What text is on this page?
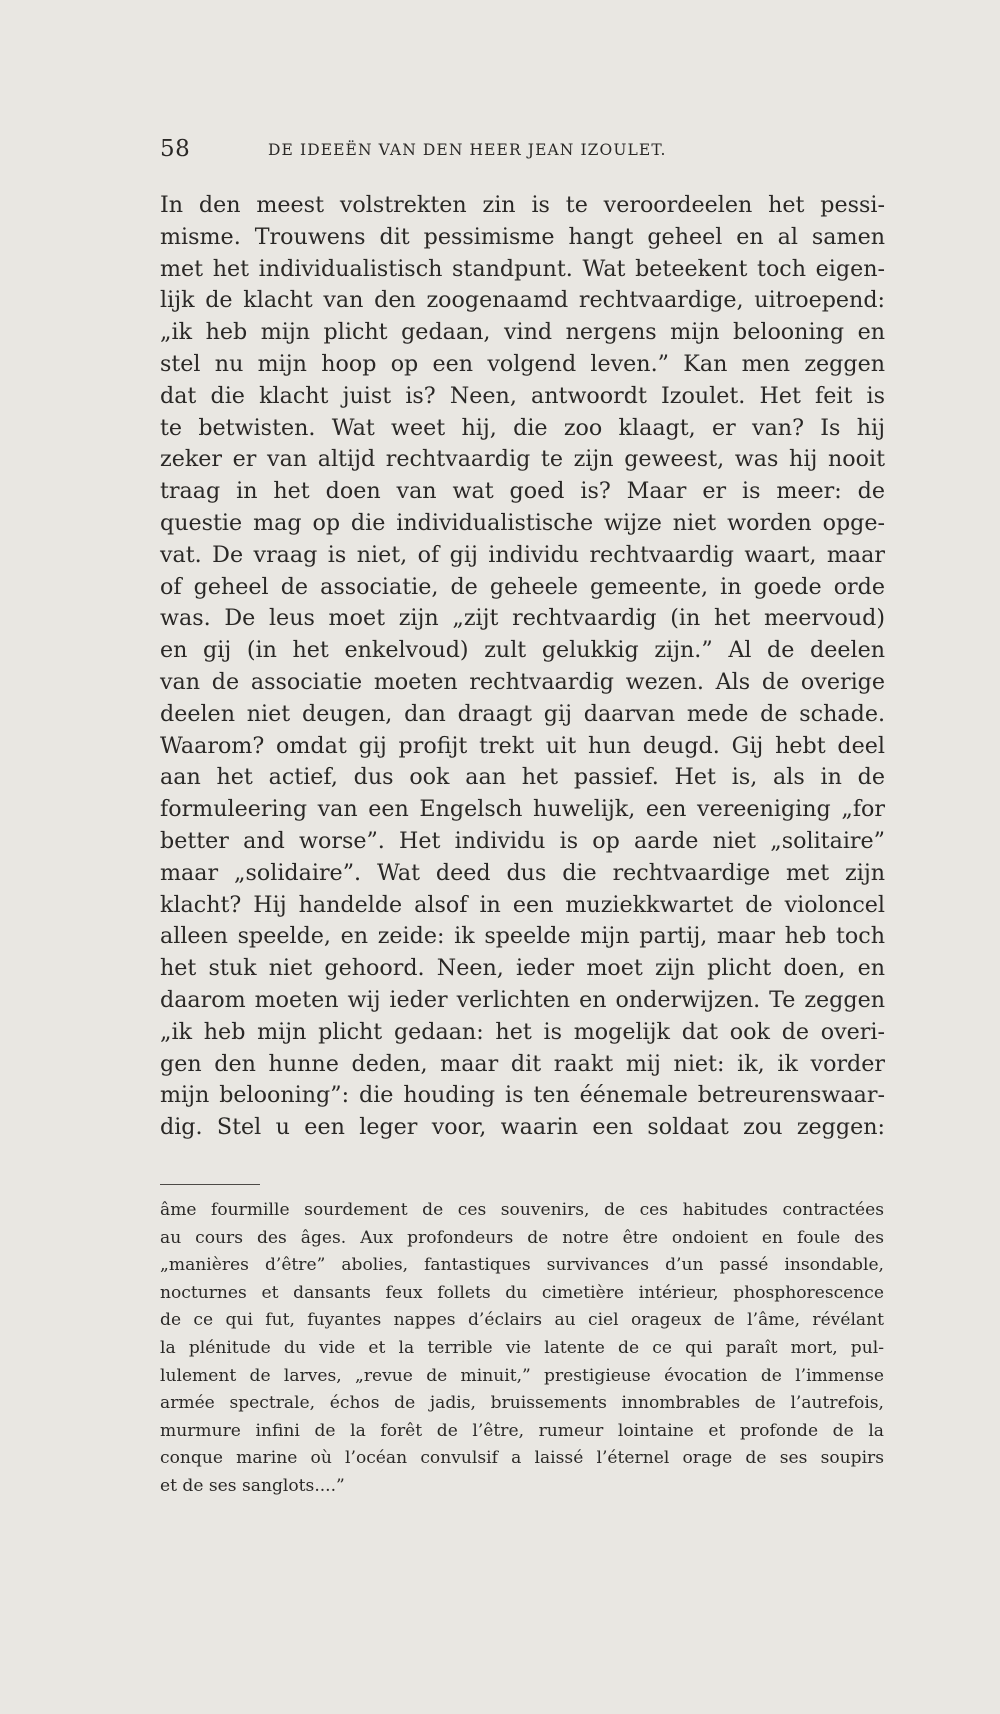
58	DE IDEEËN VAN DEN HEER JEAN IZOULET.
In den meest volstrekten zin is te veroordeelen het pessi-
misme. Trouwens dit pessimisme hangt geheel en al samen
met het individualistisch standpunt. Wat beteekent toch eigen-
lijk de klacht van den zoogenaamd rechtvaardige, uitroepend:
„ik heb mijn plicht gedaan, vind nergens mijn belooning en
stel nu mijn hoop op een volgend leven.” Kan men zeggen
dat die klacht juist is? Neen, antwoordt Izoulet. Het feit is
te betwisten. Wat weet hij, die zoo klaagt, er van? Is hij
zeker er van altijd rechtvaardig te zijn geweest, was hij nooit
traag in het doen van wat goed is? Maar er is meer: de
questie mag op die individualistische wijze niet worden opge-
vat. De vraag is niet, of gij individu rechtvaardig waart, maar
of geheel de associatie, de geheele gemeente, in goede orde
was. De leus moet zijn „zijt rechtvaardig (in het meervoud)
en gij (in het enkelvoud) zult gelukkig zijn.” Al de deelen
van de associatie moeten rechtvaardig wezen. Als de overige
deelen niet deugen, dan draagt gij daarvan mede de schade.
Waarom? omdat gij profijt trekt uit hun deugd. Gij hebt deel
aan het actief, dus ook aan het passief. Het is, als in de
formuleering van een Engelsch huwelijk, een vereeniging „for
better and worse”. Het individu is op aarde niet „solitaire”
maar „solidaire”. Wat deed dus die rechtvaardige met zijn
klacht? Hij handelde alsof in een muziekkwartet de violoncel
alleen speelde, en zeide: ik speelde mijn partij, maar heb toch
het stuk niet gehoord. Neen, ieder moet zijn plicht doen, en
daarom moeten wij ieder verlichten en onderwijzen. Te zeggen
„ik heb mijn plicht gedaan: het is mogelijk dat ook de overi-
gen den hunne deden, maar dit raakt mij niet: ik, ik vorder
mijn belooning”: die houding is ten éénemale betreurenswaar-
dig. Stel u een leger voor, waarin een soldaat zou zeggen:
âme fourmille sourdement de ces souvenirs, de ces habitudes contractées
au cours des âges. Aux profondeurs de notre être ondoient en foule des
„manières d’être” abolies, fantastiques survivances d’un passé insondable,
nocturnes et dansants feux follets du cimetière intérieur, phosphorescence
de ce qui fut, fuyantes nappes d’éclairs au ciel orageux de l’âme, révélant
la plénitude du vide et la terrible vie latente de ce qui paraît mort, pul-
lulement de larves, „revue de minuit,” prestigieuse évocation de l’immense
armée spectrale, échos de jadis, bruissements innombrables de l’autrefois,
murmure infini de la forêt de l’être, rumeur lointaine et profonde de la
conque marine où l’océan convulsif a laissé l’éternel orage de ses soupirs
et de ses sanglots....”
